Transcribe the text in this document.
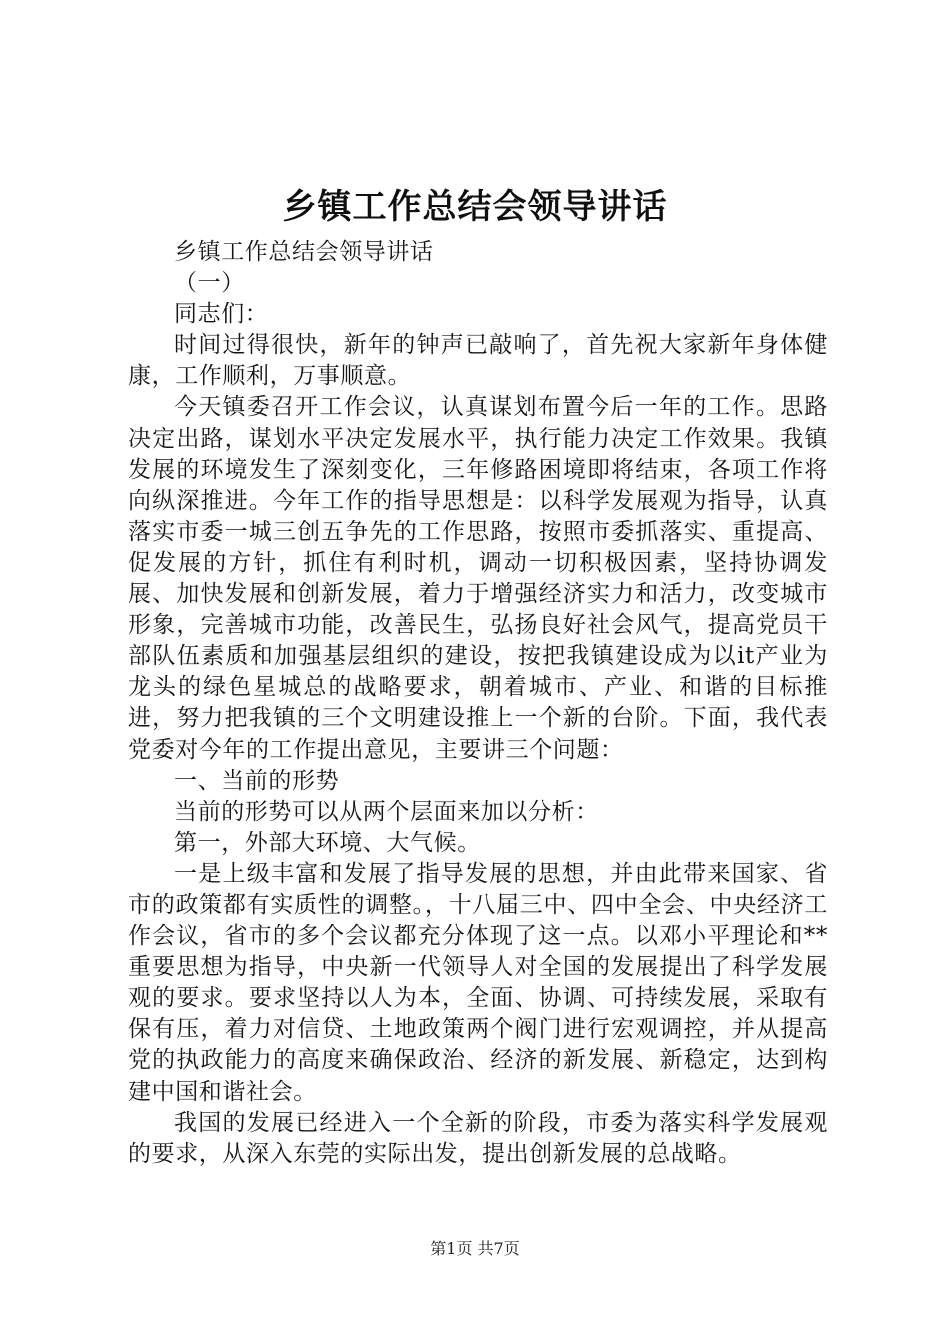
乡镇工作总结会领导讲话

乡镇工作总结会领导讲话

（一）

同志们：

时间过得很快，新年的钟声已敲响了，首先祝大家新年身体健康，工作顺利，万事顺意。

今天镇委召开工作会议，认真谋划布置今后一年的工作。思路决定出路，谋划水平决定发展水平，执行能力决定工作效果。我镇发展的环境发生了深刻变化，三年修路困境即将结束，各项工作将向纵深推进。今年工作的指导思想是：以科学发展观为指导，认真落实市委一城三创五争先的工作思路，按照市委抓落实、重提高、促发展的方针，抓住有利时机，调动一切积极因素，坚持协调发展、加快发展和创新发展，着力于增强经济实力和活力，改变城市形象，完善城市功能，改善民生，弘扬良好社会风气，提高党员干部队伍素质和加强基层组织的建设，按把我镇建设成为以it产业为龙头的绿色星城总的战略要求，朝着城市、产业、和谐的目标推进，努力把我镇的三个文明建设推上一个新的台阶。下面，我代表党委对今年的工作提出意见，主要讲三个问题：

一、当前的形势

当前的形势可以从两个层面来加以分析：

第一，外部大环境、大气候。

一是上级丰富和发展了指导发展的思想，并由此带来国家、省市的政策都有实质性的调整。，十八届三中、四中全会、中央经济工作会议，省市的多个会议都充分体现了这一点。以邓小平理论和**重要思想为指导，中央新一代领导人对全国的发展提出了科学发展观的要求。要求坚持以人为本，全面、协调、可持续发展，采取有保有压，着力对信贷、土地政策两个阀门进行宏观调控，并从提高党的执政能力的高度来确保政治、经济的新发展、新稳定，达到构建中国和谐社会。

我国的发展已经进入一个全新的阶段，市委为落实科学发展观的要求，从深入东莞的实际出发，提出创新发展的总战略。

第1页 共7页
